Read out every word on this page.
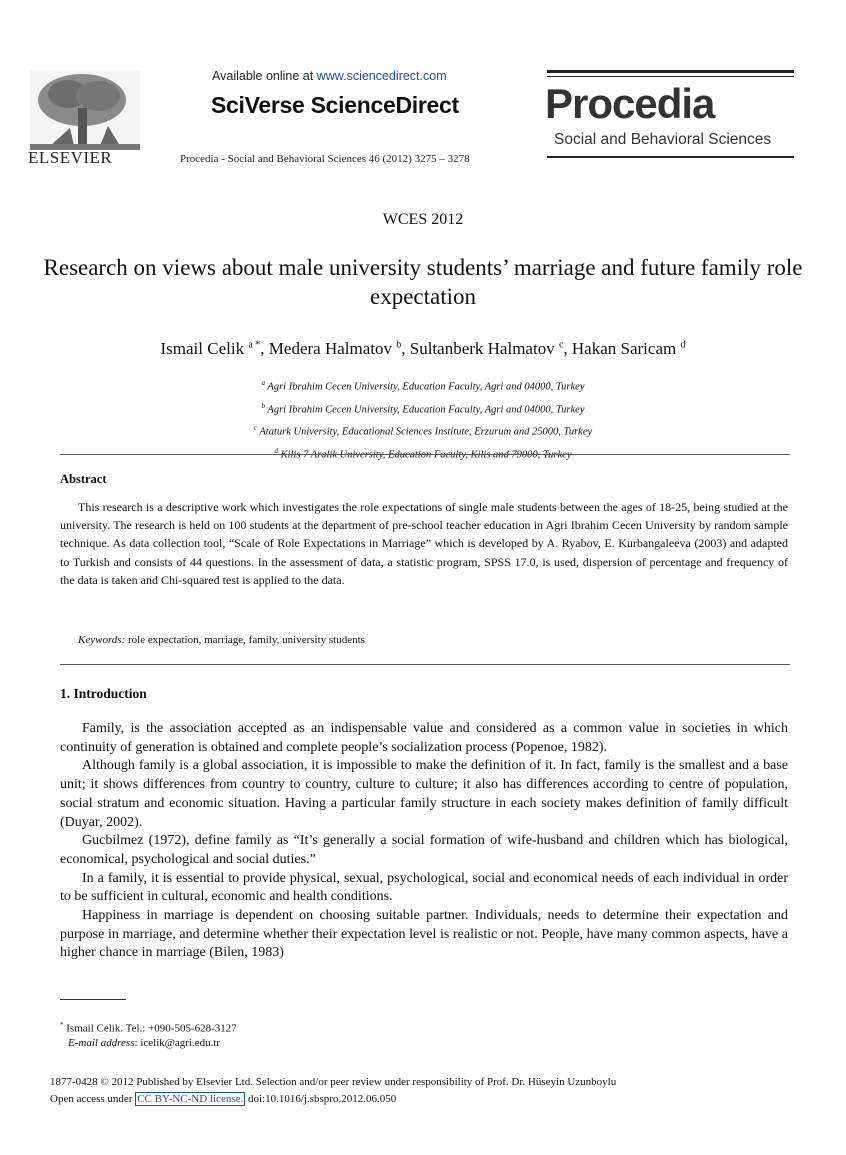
ELSEVIER
Available online at www.sciencedirect.com
SciVerse ScienceDirect
Procedia - Social and Behavioral Sciences 46 (2012) 3275 – 3278
Procedia
Social and Behavioral Sciences
WCES 2012
Research on views about male university students’ marriage and future family role expectation
Ismail Celik $^{a *}$, Medera Halmatov $^b$, Sultanberk Halmatov $^c$, Hakan Saricam $^d$
$^a$ Agri Ibrahim Cecen University, Education Faculty, Agri and 04000, Turkey
$^b$ Agri Ibrahim Cecen University, Education Faculty, Agri and 04000, Turkey
$^c$ Ataturk University, Educational Sciences Institute, Erzurum and 25000, Turkey
$^d$
Abstract
This research is a descriptive work which investigates the role expectations of single male students between the ages of 18-25, being studied at the university. The research is held on 100 students at the department of pre-school teacher education in Agri Ibrahim Cecen University by random sample technique. As data collection tool, “Scale of Role Expectations in Marriage” which is developed by A. Ryabov, E. Kurbangaleeva (2003) and adapted to Turkish and consists of 44 questions. In the assessment of data, a statistic program, SPSS 17.0, is used, dispersion of percentage and frequency of the data is taken and Chi-squared test is applied to the data.
Keywords: role expectation, marriage, family, university students
1. Introduction

Family, is the association accepted as an indispensable value and considered as a common value in societies in which continuity of generation is obtained and complete people’s socialization process (Popenoe, 1982).

Although family is a global association, it is impossible to make the definition of it. In fact, family is the smallest and a base unit; it shows differences from country to country, culture to culture; it also has differences according to centre of population, social stratum and economic situation. Having a particular family structure in each society makes definition of family difficult (Duyar, 2002).

Gucbilmez (1972), define family as “It’s generally a social formation of wife-husband and children which has biological, economical, psychological and social duties.”

In a family, it is essential to provide physical, sexual, psychological, social and economical needs of each individual in order to be sufficient in cultural, economic and health conditions.

Happiness in marriage is dependent on choosing suitable partner. Individuals, needs to determine their expectation and purpose in marriage, and determine whether their expectation level is realistic or not. People, have many common aspects, have a higher chance in marriage (Bilen, 1983)

* Ismail Celik. Tel.: +090-505-628-3127
E-mail address: icelik@agri.edu.tr
1877-0428 © 2012 Published by Elsevier Ltd. Selection and/or peer review under responsibility of Prof. Dr. Hüseyin Uzunboylu
Open access under CC BY-NC-ND license. doi:10.1016/j.sbspro.2012.06.050
